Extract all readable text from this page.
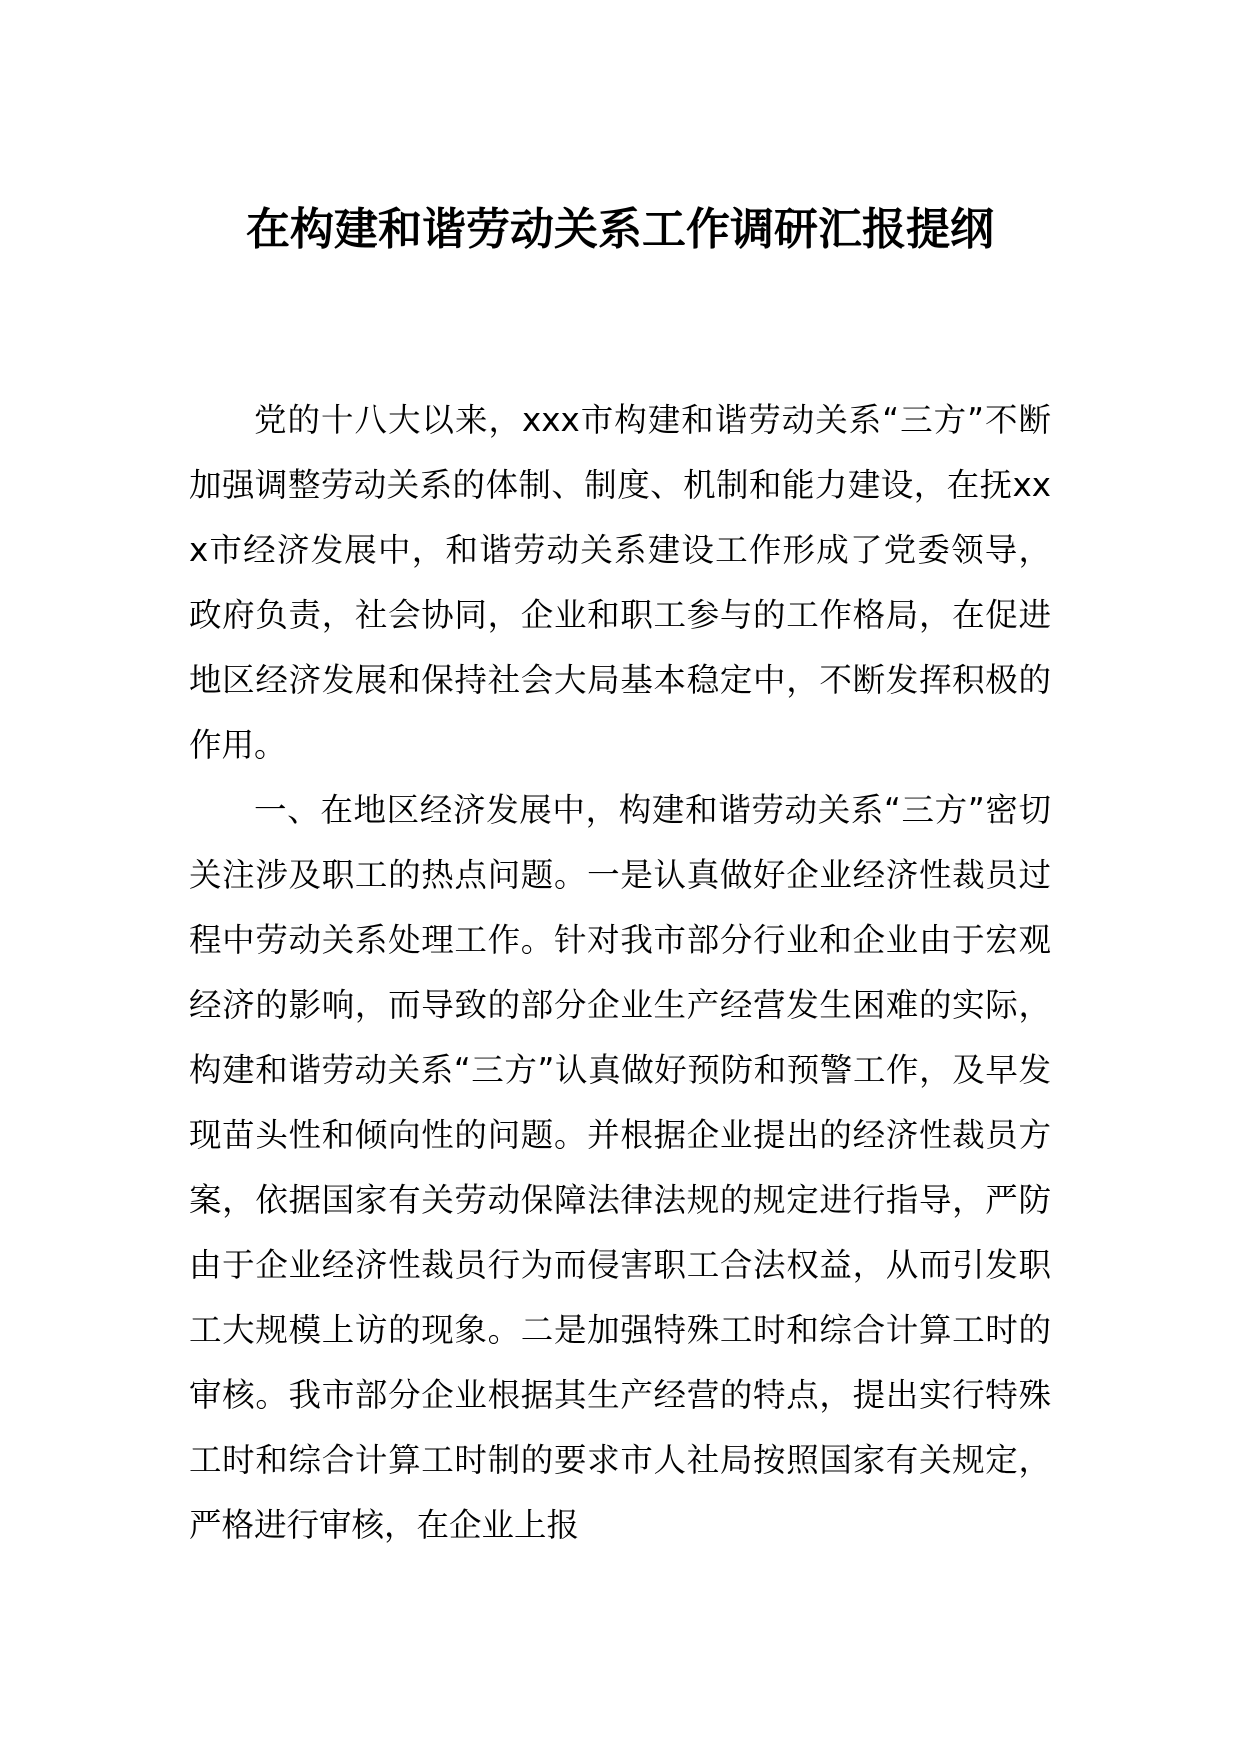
在构建和谐劳动关系工作调研汇报提纲

党的十八大以来，xxx市构建和谐劳动关系“三方”不断加强调整劳动关系的体制、制度、机制和能力建设，在抚xxx市经济发展中，和谐劳动关系建设工作形成了党委领导，政府负责，社会协同，企业和职工参与的工作格局，在促进地区经济发展和保持社会大局基本稳定中，不断发挥积极的作用。

一、在地区经济发展中，构建和谐劳动关系“三方”密切关注涉及职工的热点问题。一是认真做好企业经济性裁员过程中劳动关系处理工作。针对我市部分行业和企业由于宏观经济的影响，而导致的部分企业生产经营发生困难的实际，构建和谐劳动关系“三方”认真做好预防和预警工作，及早发现苗头性和倾向性的问题。并根据企业提出的经济性裁员方案，依据国家有关劳动保障法律法规的规定进行指导，严防由于企业经济性裁员行为而侵害职工合法权益，从而引发职工大规模上访的现象。二是加强特殊工时和综合计算工时的审核。我市部分企业根据其生产经营的特点，提出实行特殊工时和综合计算工时制的要求市人社局按照国家有关规定，严格进行审核，在企业上报
